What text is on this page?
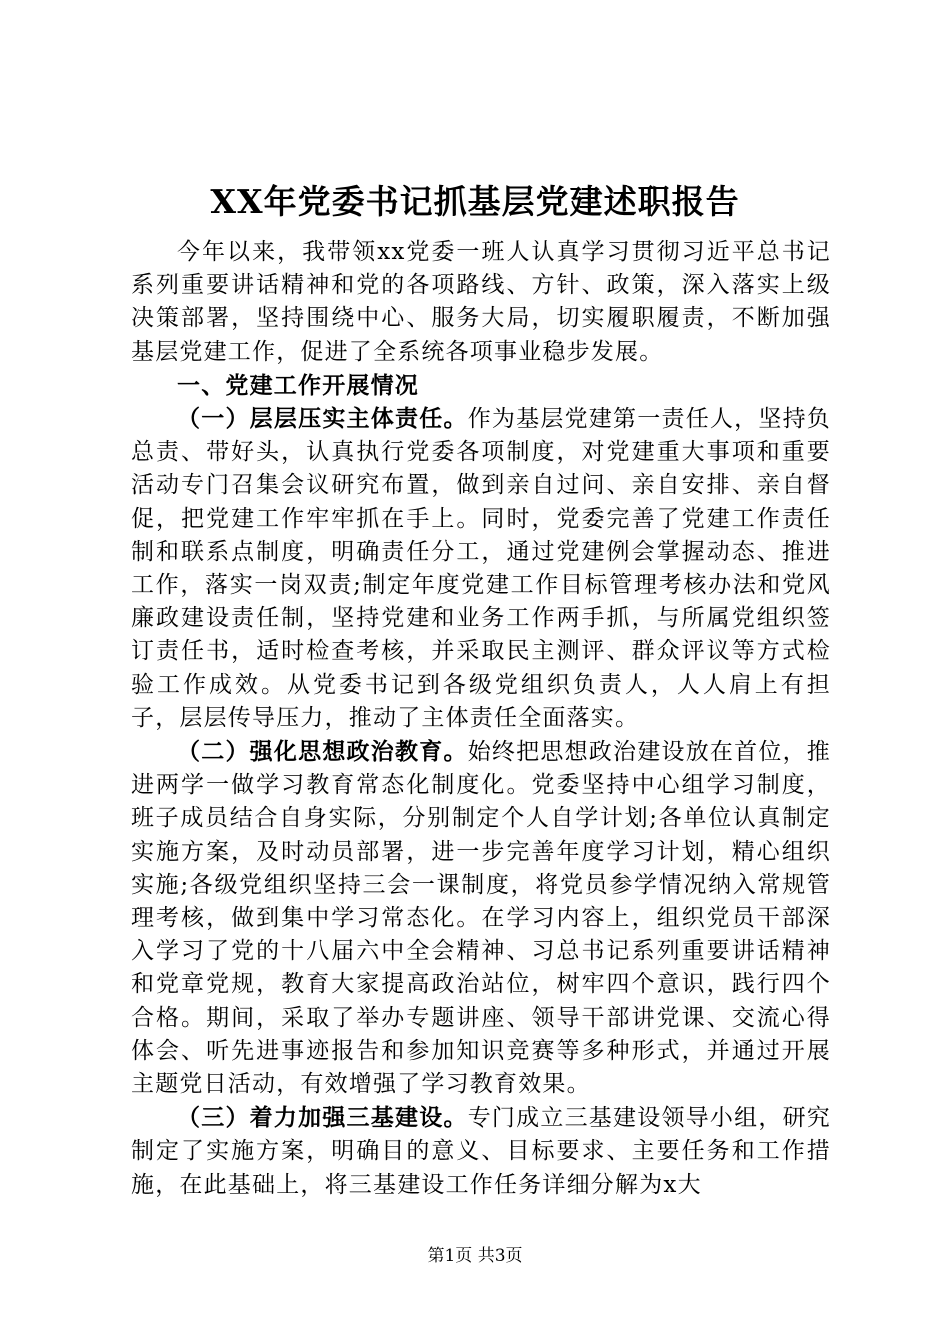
XX年党委书记抓基层党建述职报告

今年以来，我带领xx党委一班人认真学习贯彻习近平总书记系列重要讲话精神和党的各项路线、方针、政策，深入落实上级决策部署，坚持围绕中心、服务大局，切实履职履责，不断加强基层党建工作，促进了全系统各项事业稳步发展。

一、党建工作开展情况

（一）层层压实主体责任。作为基层党建第一责任人，坚持负总责、带好头，认真执行党委各项制度，对党建重大事项和重要活动专门召集会议研究布置，做到亲自过问、亲自安排、亲自督促，把党建工作牢牢抓在手上。同时，党委完善了党建工作责任制和联系点制度，明确责任分工，通过党建例会掌握动态、推进工作，落实一岗双责;制定年度党建工作目标管理考核办法和党风廉政建设责任制，坚持党建和业务工作两手抓，与所属党组织签订责任书，适时检查考核，并采取民主测评、群众评议等方式检验工作成效。从党委书记到各级党组织负责人，人人肩上有担子，层层传导压力，推动了主体责任全面落实。

（二）强化思想政治教育。始终把思想政治建设放在首位，推进两学一做学习教育常态化制度化。党委坚持中心组学习制度，班子成员结合自身实际，分别制定个人自学计划;各单位认真制定实施方案，及时动员部署，进一步完善年度学习计划，精心组织实施;各级党组织坚持三会一课制度，将党员参学情况纳入常规管理考核，做到集中学习常态化。在学习内容上，组织党员干部深入学习了党的十八届六中全会精神、习总书记系列重要讲话精神和党章党规，教育大家提高政治站位，树牢四个意识，践行四个合格。期间，采取了举办专题讲座、领导干部讲党课、交流心得体会、听先进事迹报告和参加知识竞赛等多种形式，并通过开展主题党日活动，有效增强了学习教育效果。

（三）着力加强三基建设。专门成立三基建设领导小组，研究制定了实施方案，明确目的意义、目标要求、主要任务和工作措施，在此基础上，将三基建设工作任务详细分解为x大

第1页 共3页
